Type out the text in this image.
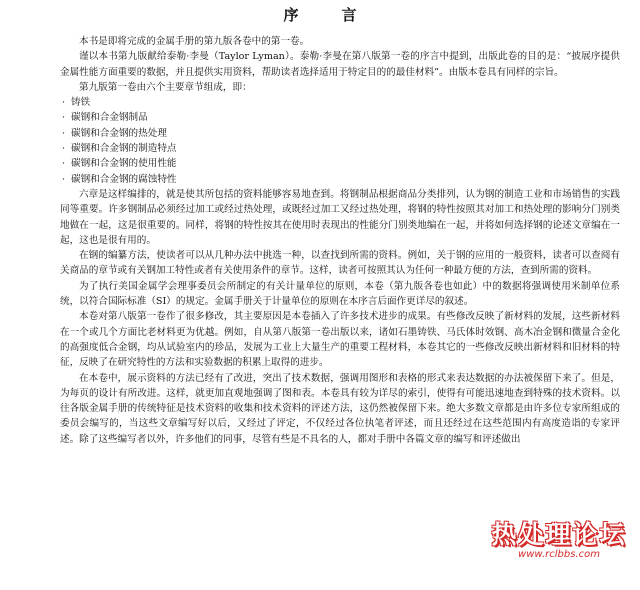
序　言

本书是即将完成的金属手册的第九版各卷中的第一卷。

谨以本书第九版献给泰勒·李曼（Taylor Lyman）。泰勒·李曼在第八版第一卷的序言中提到，出版此卷的目的是：“披展序提供金属性能方面重要的数据，并且提供实用资料，帮助读者选择适用于特定目的的最佳材料”。由版本卷具有同样的宗旨。

第九版第一卷由六个主要章节组成，即：

· 铸铁
· 碳钢和合金钢制品
· 碳钢和合金钢的热处理
· 碳钢和合金钢的制造特点
· 碳钢和合金钢的使用性能
· 碳钢和合金钢的腐蚀特性

六章是这样编排的，就是使其所包括的资料能够容易地查到。将钢制品根据商品分类排列，认为钢的制造工业和市场销售的实践同等重要。许多钢制品必须经过加工或经过热处理，或既经过加工又经过热处理，将钢的特性按照其对加工和热处理的影响分门别类地做在一起，这是很重要的。同样，将钢的特性按其在使用时表现出的性能分门别类地编在一起，并将如何选择钢的论述文章编在一起，这也是很有用的。

在钢的编纂方法，使读者可以从几种办法中挑选一种，以查找到所需的资料。例如，关于钢的应用的一般资料，读者可以查阅有关商品的章节或有关钢加工特性或者有关使用条件的章节。这样，读者可按照其认为任何一种最方便的方法，查到所需的资料。

为了执行美国金属学会理事委员会所制定的有关计量单位的原则，本卷（第九版各卷也如此）中的数据将强调使用米制单位系统，以符合国际标准（SI）的规定。金属手册关于计量单位的原则在本序言后面作更详尽的叙述。

本卷对第八版第一卷作了很多修改，其主要原因是本卷插入了许多技术进步的成果。有些修改反映了新材料的发展，这些新材料在一个或几个方面比老材料更为优越。例如，自从第八版第一卷出版以来，诸如石墨铸铁、马氏体时效钢、高木冶金钢和微量合金化的高强度低合金钢，均从试验室内的珍品，发展为工业上大量生产的重要工程材料，本卷其它的一些修改反映出新材料和旧材料的特征，反映了在研究特性的方法和实验数据的积累上取得的进步。

在本卷中，展示资料的方法已经有了改进，突出了技术数据，强调用图形和表格的形式来表达数据的办法被保留下来了。但是，为每页的设计有所改进。这样，就更加直观地强调了图和表。本卷具有较为详尽的索引，使得有可能迅速地查到特殊的技术资料。以往各版金属手册的传统特征是技术资料的收集和技术资料的评述方法，这仍然被保留下来。绝大多数文章都是由许多位专家所组成的委员会编写的，当这些文章编写好以后，又经过了评定，不仅经过各位执笔者评述，而且还经过在这些范围内有高度造诣的专家评述。除了这些编写者以外，许多他们的同事，尽管有些是不具名的人，都对手册中各篇文章的编写和评述做出

热处理论坛
www.rclbbs.com
